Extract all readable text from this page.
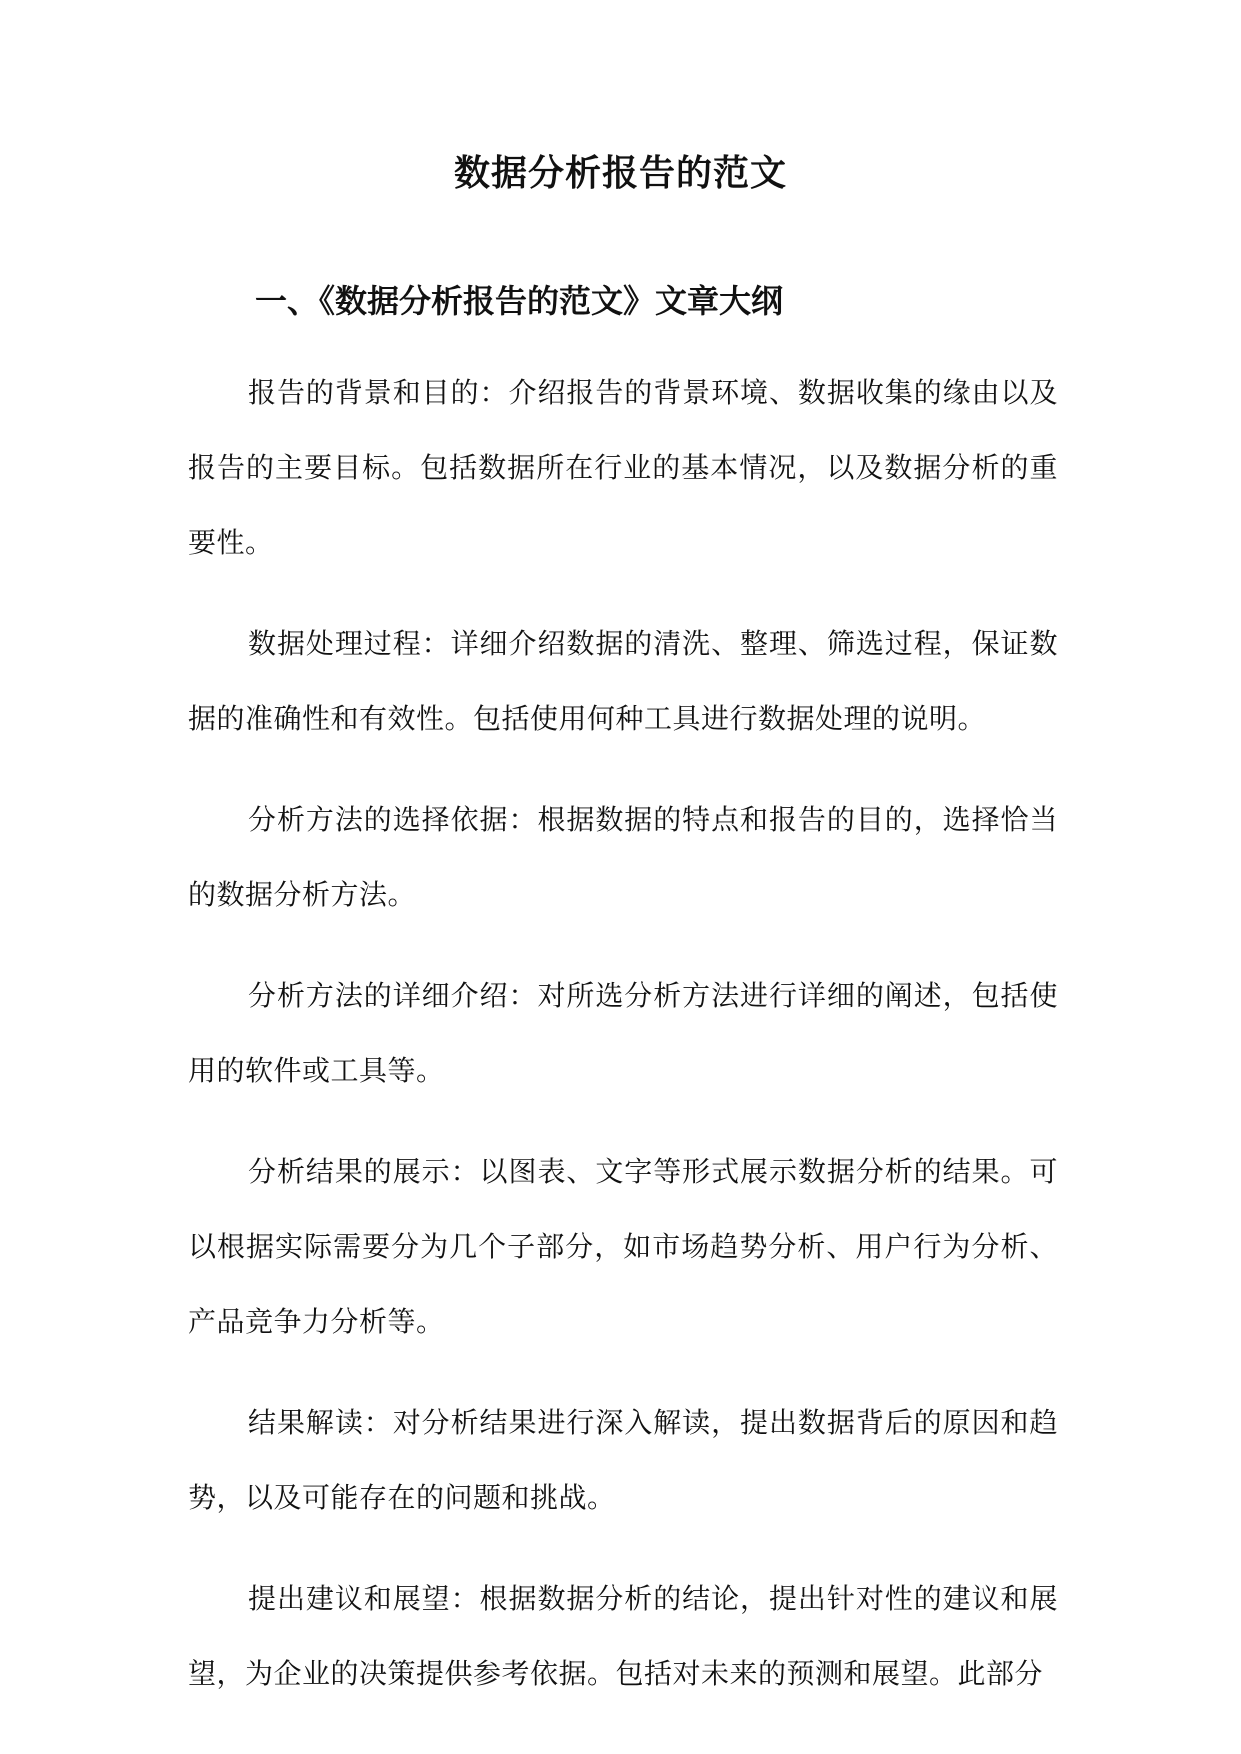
数据分析报告的范文
一、《数据分析报告的范文》文章大纲

报告的背景和目的：介绍报告的背景环境、数据收集的缘由以及报告的主要目标。包括数据所在行业的基本情况，以及数据分析的重要性。

数据处理过程：详细介绍数据的清洗、整理、筛选过程，保证数据的准确性和有效性。包括使用何种工具进行数据处理的说明。

分析方法的选择依据：根据数据的特点和报告的目的，选择恰当的数据分析方法。

分析方法的详细介绍：对所选分析方法进行详细的阐述，包括使用的软件或工具等。

分析结果的展示：以图表、文字等形式展示数据分析的结果。可以根据实际需要分为几个子部分，如市场趋势分析、用户行为分析、产品竞争力分析等。

结果解读：对分析结果进行深入解读，提出数据背后的原因和趋势，以及可能存在的问题和挑战。

提出建议和展望：根据数据分析的结论，提出针对性的建议和展望，为企业的决策提供参考依据。包括对未来的预测和展望。此部分
